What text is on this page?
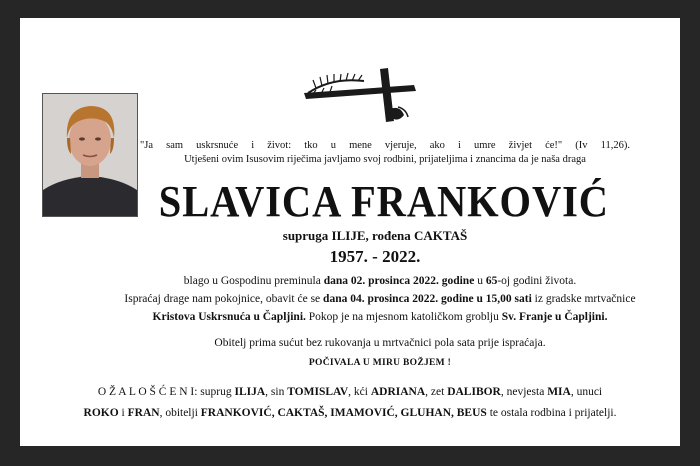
"Ja sam uskrsnuće i život: tko u mene vjeruje, ako i umre živjet će!" (Iv 11,26).
Utješeni ovim Isusovim riječima javljamo svoj rodbini, prijateljima i znancima da je naša draga
SLAVICA FRANKOVIĆ
supruga ILIJE, rođena CAKTAŠ
1957. - 2022.
blago u Gospodinu preminula dana 02. prosinca 2022. godine u 65-oj godini života.
Ispraćaj drage nam pokojnice, obavit će se dana 04. prosinca 2022. godine u 15,00 sati iz gradske mrtvačnice
Kristova Uskrsnuća u Čapljini. Pokop je na mjesnom katoličkom groblju Sv. Franje u Čapljini.
Obitelj prima sućut bez rukovanja u mrtvačnici pola sata prije ispraćaja.
POČIVALA U MIRU BOŽJEM !
O Ž A L O Š Ć E N I: suprug ILIJA, sin TOMISLAV, kći ADRIANA, zet DALIBOR, nevjesta MIA, unuci
ROKO i FRAN, obitelji FRANKOVIĆ, CAKTAŠ, IMAMOVIĆ, GLUHAN, BEUS te ostala rodbina i prijatelji.
